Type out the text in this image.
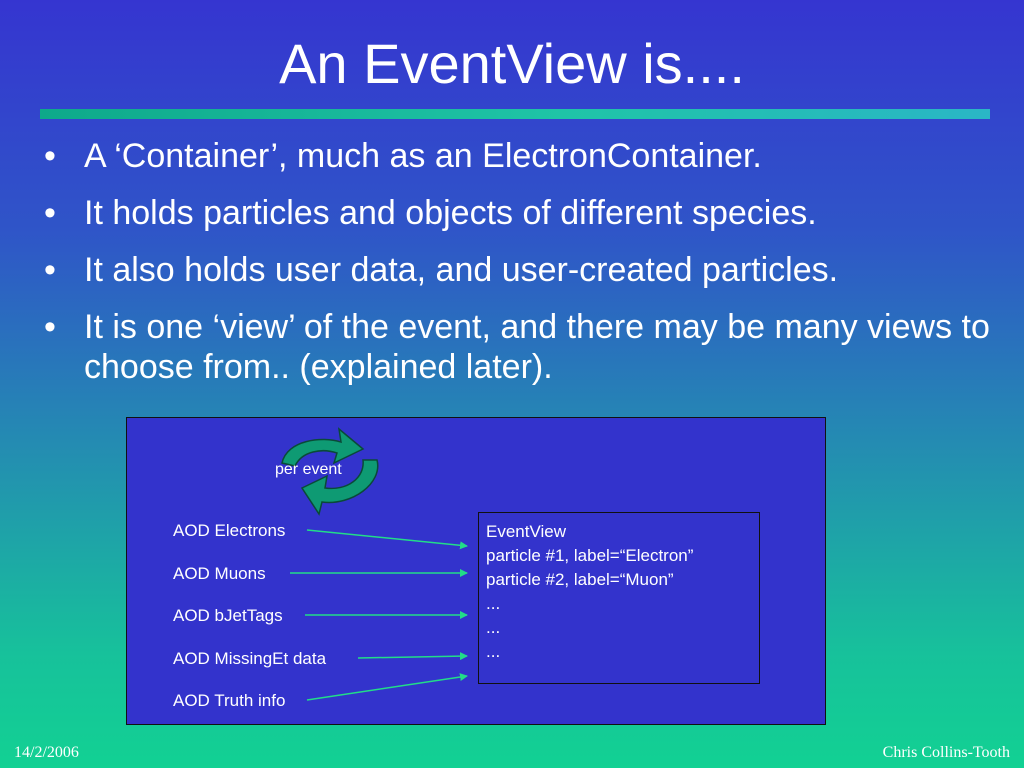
An EventView is....
• A ‘Container’, much as an ElectronContainer.
• It holds particles and objects of different species.
• It also holds user data, and user-created particles.
• It is one ‘view’ of the event, and there may be many views to choose from.. (explained later).
per event
AOD Electrons
AOD Muons
AOD bJetTags
AOD MissingEt data
AOD Truth info
EventView
particle #1, label=“Electron”
particle #2, label=“Muon”
...
...
...
14/2/2006	Chris Collins-Tooth
